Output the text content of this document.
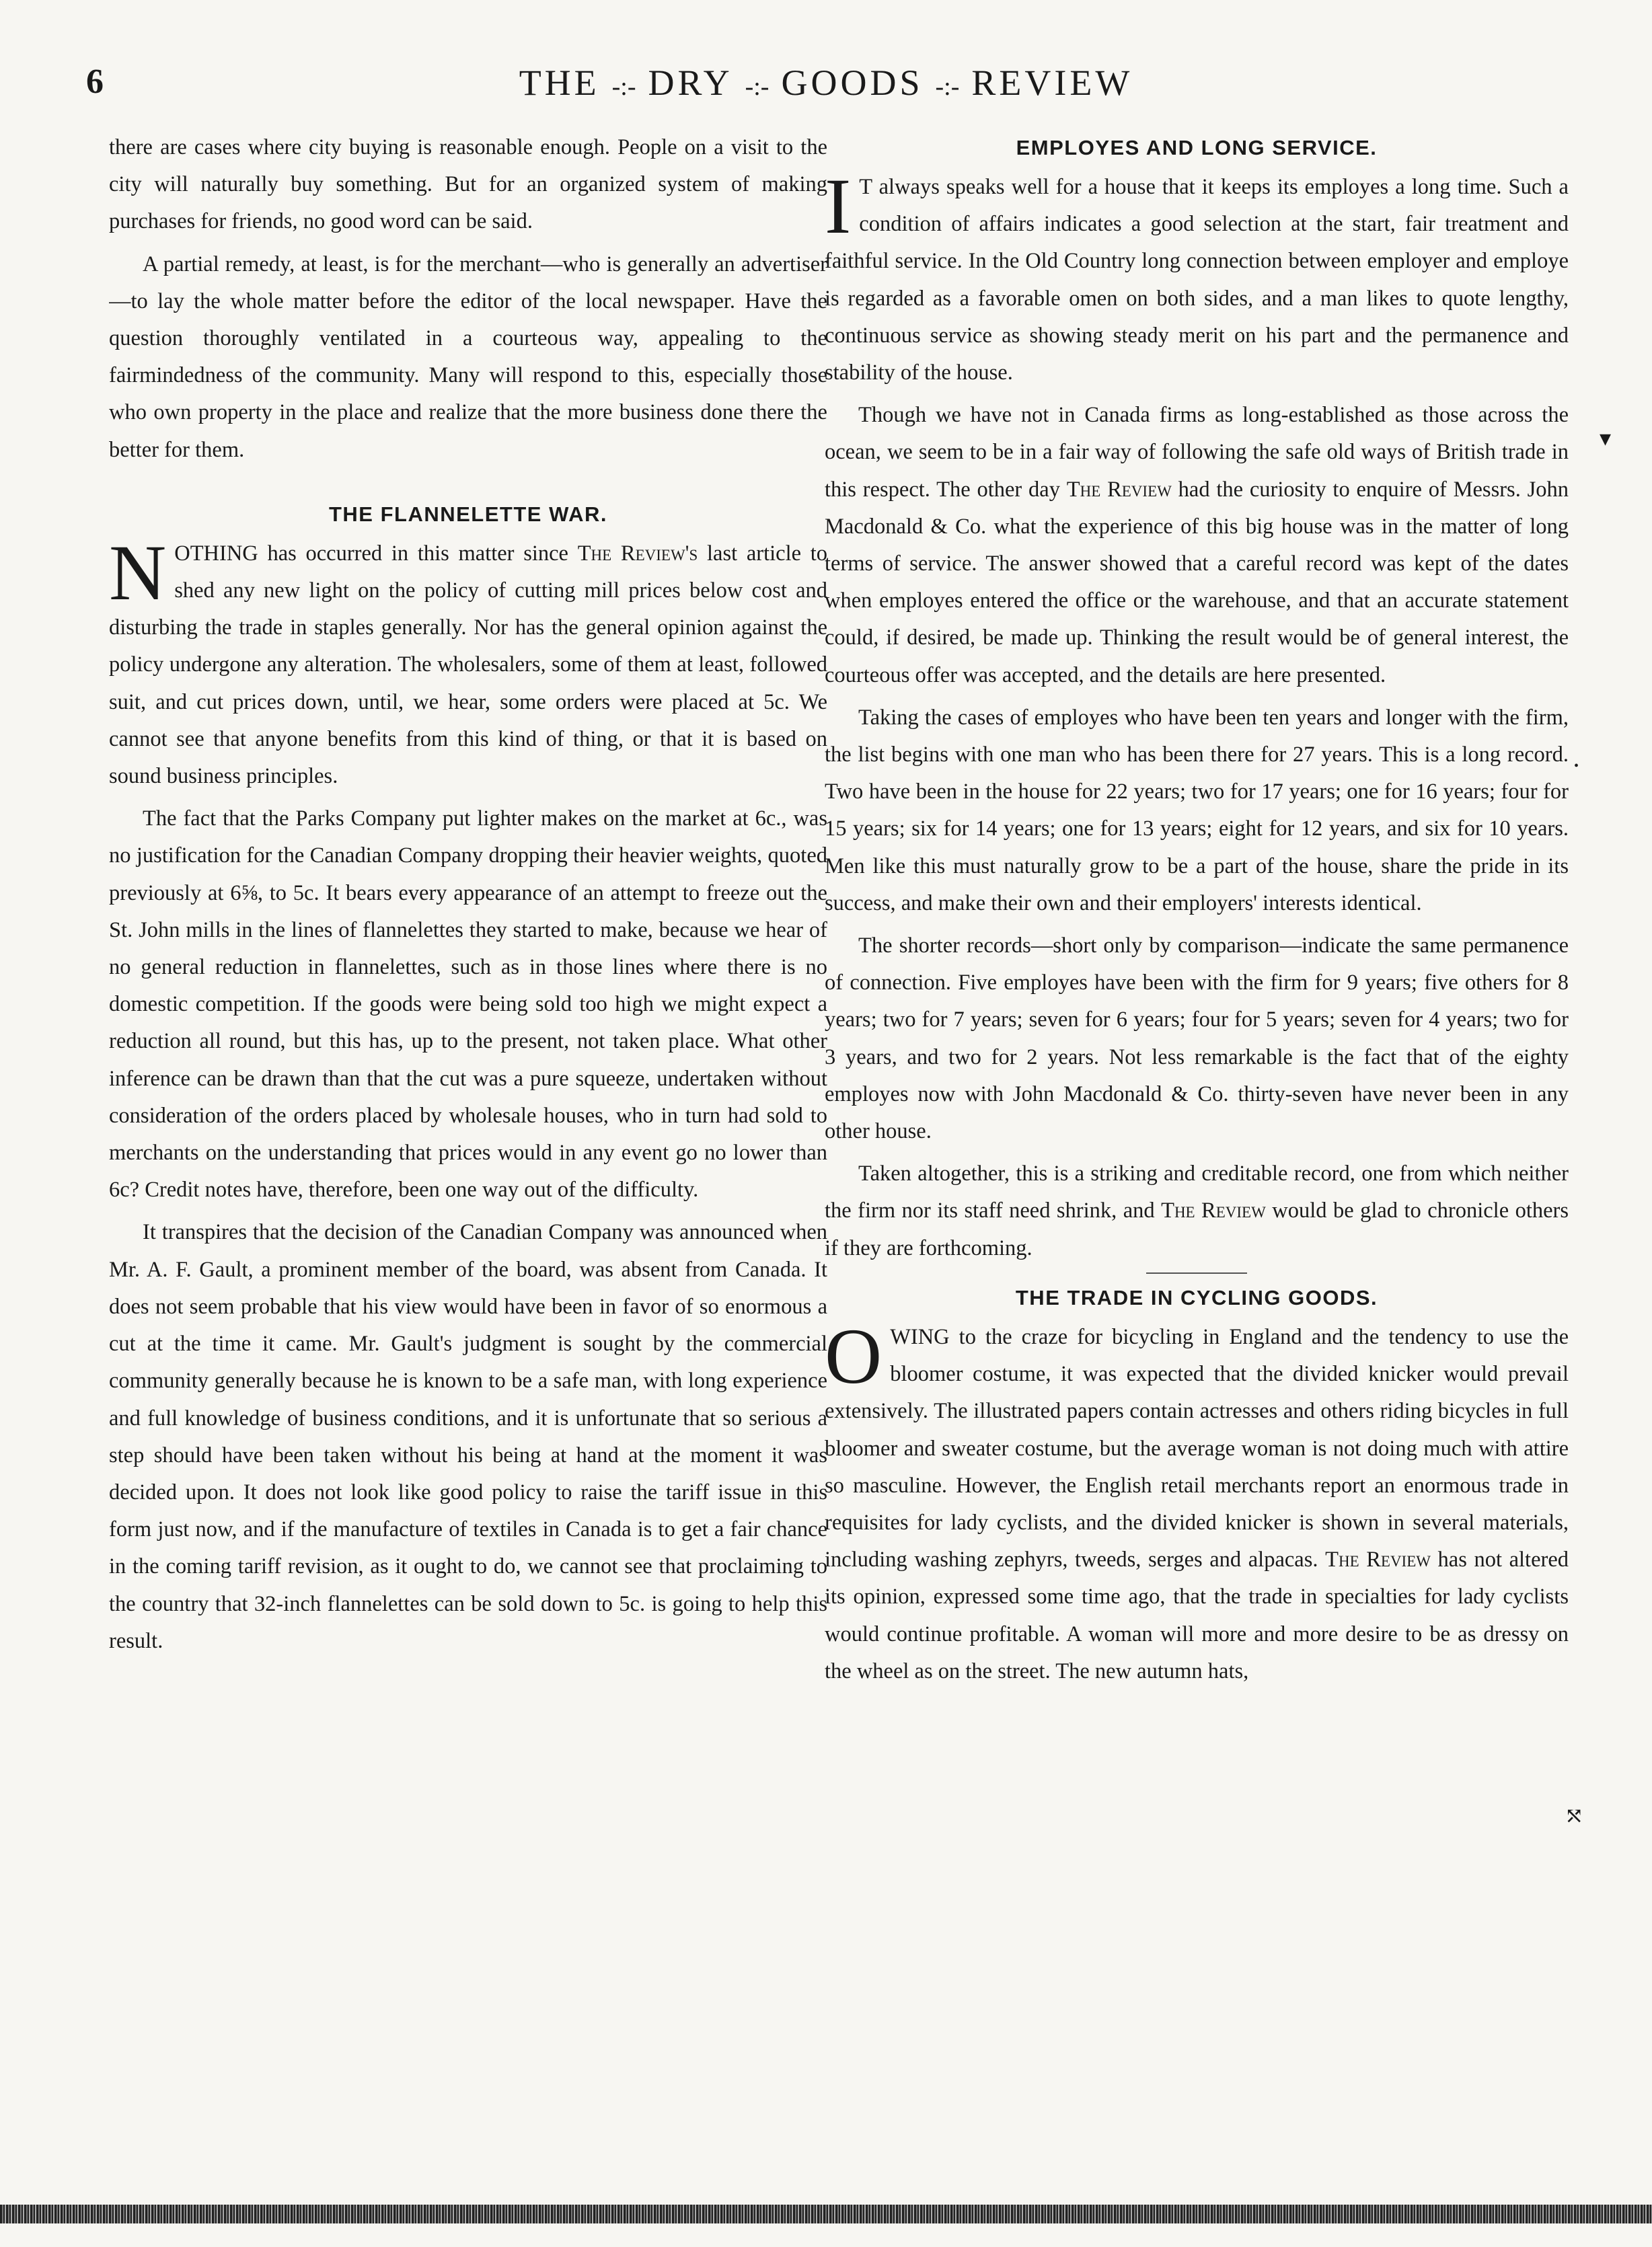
6	THE -:- DRY -:- GOODS -:- REVIEW

there are cases where city buying is reasonable enough. People on a visit to the city will naturally buy something. But for an organized system of making purchases for friends, no good word can be said.

A partial remedy, at least, is for the merchant—who is generally an advertiser—to lay the whole matter before the editor of the local newspaper. Have the question thoroughly ventilated in a courteous way, appealing to the fairmindedness of the community. Many will respond to this, especially those who own property in the place and realize that the more business done there the better for them.

THE FLANNELETTE WAR.

NOTHING has occurred in this matter since The Review's last article to shed any new light on the policy of cutting mill prices below cost and disturbing the trade in staples generally. Nor has the general opinion against the policy undergone any alteration. The wholesalers, some of them at least, followed suit, and cut prices down, until, we hear, some orders were placed at 5c. We cannot see that anyone benefits from this kind of thing, or that it is based on sound business principles.

The fact that the Parks Company put lighter makes on the market at 6c., was no justification for the Canadian Company dropping their heavier weights, quoted previously at 6⅝, to 5c. It bears every appearance of an attempt to freeze out the St. John mills in the lines of flannelettes they started to make, because we hear of no general reduction in flannelettes, such as in those lines where there is no domestic competition. If the goods were being sold too high we might expect a reduction all round, but this has, up to the present, not taken place. What other inference can be drawn than that the cut was a pure squeeze, undertaken without consideration of the orders placed by wholesale houses, who in turn had sold to merchants on the understanding that prices would in any event go no lower than 6c? Credit notes have, therefore, been one way out of the difficulty.

It transpires that the decision of the Canadian Company was announced when Mr. A. F. Gault, a prominent member of the board, was absent from Canada. It does not seem probable that his view would have been in favor of so enormous a cut at the time it came. Mr. Gault's judgment is sought by the commercial community generally because he is known to be a safe man, with long experience and full knowledge of business conditions, and it is unfortunate that so serious a step should have been taken without his being at hand at the moment it was decided upon. It does not look like good policy to raise the tariff issue in this form just now, and if the manufacture of textiles in Canada is to get a fair chance in the coming tariff revision, as it ought to do, we cannot see that proclaiming to the country that 32-inch flannelettes can be sold down to 5c. is going to help this result.

EMPLOYES AND LONG SERVICE.

I T always speaks well for a house that it keeps its employes a long time. Such a condition of affairs indicates a good selection at the start, fair treatment and faithful service. In the Old Country long connection between employer and employe is regarded as a favorable omen on both sides, and a man likes to quote lengthy, continuous service as showing steady merit on his part and the permanence and stability of the house.

Though we have not in Canada firms as long-established as those across the ocean, we seem to be in a fair way of following the safe old ways of British trade in this respect. The other day The Review had the curiosity to enquire of Messrs. John Macdonald & Co. what the experience of this big house was in the matter of long terms of service. The answer showed that a careful record was kept of the dates when employes entered the office or the warehouse, and that an accurate statement could, if desired, be made up. Thinking the result would be of general interest, the courteous offer was accepted, and the details are here presented.

Taking the cases of employes who have been ten years and longer with the firm, the list begins with one man who has been there for 27 years. This is a long record. Two have been in the house for 22 years; two for 17 years; one for 16 years; four for 15 years; six for 14 years; one for 13 years; eight for 12 years, and six for 10 years. Men like this must naturally grow to be a part of the house, share the pride in its success, and make their own and their employers' interests identical.

The shorter records—short only by comparison—indicate the same permanence of connection. Five employes have been with the firm for 9 years; five others for 8 years; two for 7 years; seven for 6 years; four for 5 years; seven for 4 years; two for 3 years, and two for 2 years. Not less remarkable is the fact that of the eighty employes now with John Macdonald & Co. thirty-seven have never been in any other house.

Taken altogether, this is a striking and creditable record, one from which neither the firm nor its staff need shrink, and The Review would be glad to chronicle others if they are forthcoming.

THE TRADE IN CYCLING GOODS.

OWING to the craze for bicycling in England and the tendency to use the bloomer costume, it was expected that the divided knicker would prevail extensively. The illustrated papers contain actresses and others riding bicycles in full bloomer and sweater costume, but the average woman is not doing much with attire so masculine. However, the English retail merchants report an enormous trade in requisites for lady cyclists, and the divided knicker is shown in several materials, including washing zephyrs, tweeds, serges and alpacas. The Review has not altered its opinion, expressed some time ago, that the trade in specialties for lady cyclists would continue profitable. A woman will more and more desire to be as dressy on the wheel as on the street. The new autumn hats,

▾
•
⤲
